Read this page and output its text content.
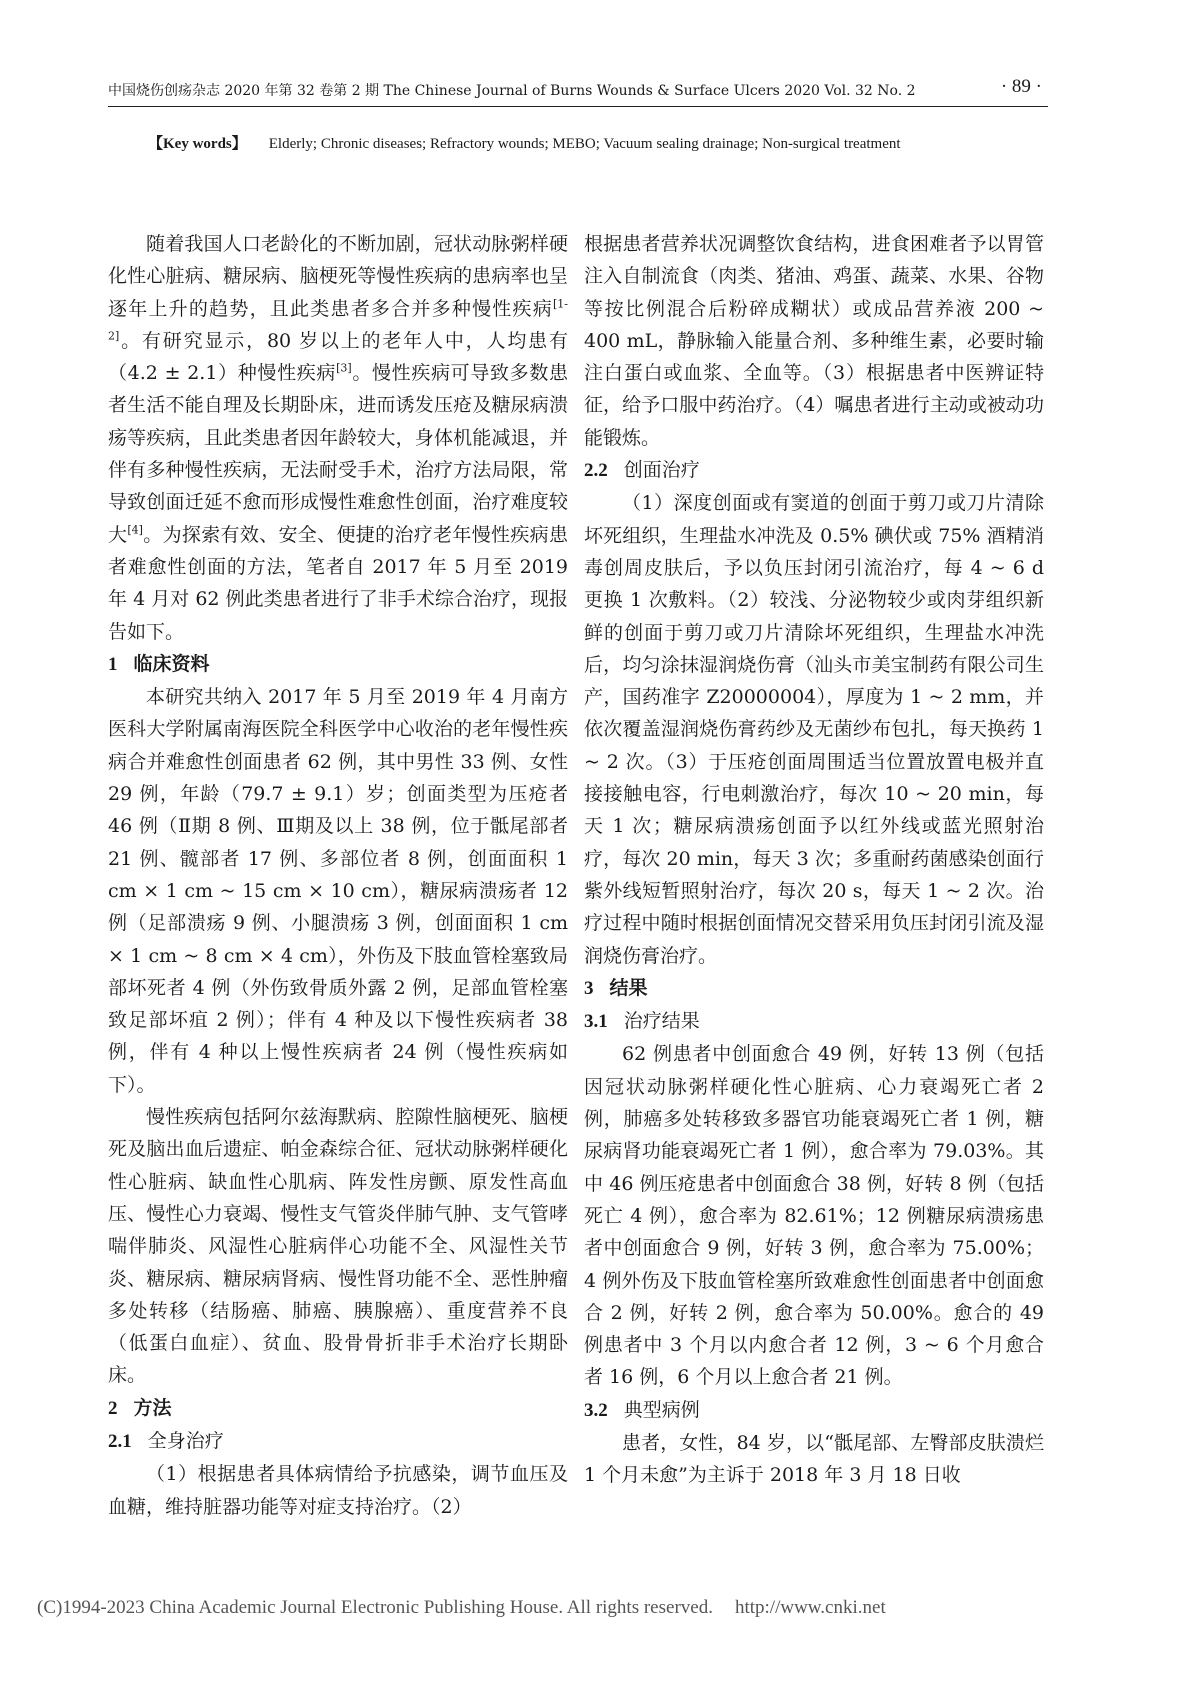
中国烧伤创疡杂志 2020 年第 32 卷第 2 期 The Chinese Journal of Burns Wounds & Surface Ulcers 2020 Vol. 32 No. 2	· 89 ·
【Key words】 Elderly; Chronic diseases; Refractory wounds; MEBO; Vacuum sealing drainage; Non-surgical treatment

随着我国人口老龄化的不断加剧，冠状动脉粥样硬化性心脏病、糖尿病、脑梗死等慢性疾病的患病率也呈逐年上升的趋势，且此类患者多合并多种慢性疾病[1-2]。有研究显示，80 岁以上的老年人中，人均患有（4.2 ± 2.1）种慢性疾病[3]。慢性疾病可导致多数患者生活不能自理及长期卧床，进而诱发压疮及糖尿病溃疡等疾病，且此类患者因年龄较大，身体机能减退，并伴有多种慢性疾病，无法耐受手术，治疗方法局限，常导致创面迁延不愈而形成慢性难愈性创面，治疗难度较大[4]。为探索有效、安全、便捷的治疗老年慢性疾病患者难愈性创面的方法，笔者自 2017 年 5 月至 2019 年 4 月对 62 例此类患者进行了非手术综合治疗，现报告如下。

1 临床资料

本研究共纳入 2017 年 5 月至 2019 年 4 月南方医科大学附属南海医院全科医学中心收治的老年慢性疾病合并难愈性创面患者 62 例，其中男性 33 例、女性 29 例，年龄（79.7 ± 9.1）岁；创面类型为压疮者 46 例（Ⅱ期 8 例、Ⅲ期及以上 38 例，位于骶尾部者 21 例、髋部者 17 例、多部位者 8 例，创面面积 1 cm × 1 cm ~ 15 cm × 10 cm），糖尿病溃疡者 12 例（足部溃疡 9 例、小腿溃疡 3 例，创面面积 1 cm × 1 cm ~ 8 cm × 4 cm），外伤及下肢血管栓塞致局部坏死者 4 例（外伤致骨质外露 2 例，足部血管栓塞致足部坏疽 2 例）；伴有 4 种及以下慢性疾病者 38 例，伴有 4 种以上慢性疾病者 24 例（慢性疾病如下）。

慢性疾病包括阿尔兹海默病、腔隙性脑梗死、脑梗死及脑出血后遗症、帕金森综合征、冠状动脉粥样硬化性心脏病、缺血性心肌病、阵发性房颤、原发性高血压、慢性心力衰竭、慢性支气管炎伴肺气肿、支气管哮喘伴肺炎、风湿性心脏病伴心功能不全、风湿性关节炎、糖尿病、糖尿病肾病、慢性肾功能不全、恶性肿瘤多处转移（结肠癌、肺癌、胰腺癌）、重度营养不良（低蛋白血症）、贫血、股骨骨折非手术治疗长期卧床。

2 方法
2.1 全身治疗

（1）根据患者具体病情给予抗感染，调节血压及血糖，维持脏器功能等对症支持治疗。（2）

根据患者营养状况调整饮食结构，进食困难者予以胃管注入自制流食（肉类、猪油、鸡蛋、蔬菜、水果、谷物等按比例混合后粉碎成糊状）或成品营养液 200 ~ 400 mL，静脉输入能量合剂、多种维生素，必要时输注白蛋白或血浆、全血等。（3）根据患者中医辨证特征，给予口服中药治疗。（4）嘱患者进行主动或被动功能锻炼。

2.2 创面治疗

（1）深度创面或有窦道的创面于剪刀或刀片清除坏死组织，生理盐水冲洗及 0.5% 碘伏或 75% 酒精消毒创周皮肤后，予以负压封闭引流治疗，每 4 ~ 6 d 更换 1 次敷料。（2）较浅、分泌物较少或肉芽组织新鲜的创面于剪刀或刀片清除坏死组织，生理盐水冲洗后，均匀涂抹湿润烧伤膏（汕头市美宝制药有限公司生产，国药准字 Z20000004），厚度为 1 ~ 2 mm，并依次覆盖湿润烧伤膏药纱及无菌纱布包扎，每天换药 1 ~ 2 次。（3）于压疮创面周围适当位置放置电极并直接接触电容，行电刺激治疗，每次 10 ~ 20 min，每天 1 次；糖尿病溃疡创面予以红外线或蓝光照射治疗，每次 20 min，每天 3 次；多重耐药菌感染创面行紫外线短暂照射治疗，每次 20 s，每天 1 ~ 2 次。治疗过程中随时根据创面情况交替采用负压封闭引流及湿润烧伤膏治疗。

3 结果
3.1 治疗结果

62 例患者中创面愈合 49 例，好转 13 例（包括因冠状动脉粥样硬化性心脏病、心力衰竭死亡者 2 例，肺癌多处转移致多器官功能衰竭死亡者 1 例，糖尿病肾功能衰竭死亡者 1 例），愈合率为 79.03%。其中 46 例压疮患者中创面愈合 38 例，好转 8 例（包括死亡 4 例），愈合率为 82.61%；12 例糖尿病溃疡患者中创面愈合 9 例，好转 3 例，愈合率为 75.00%；4 例外伤及下肢血管栓塞所致难愈性创面患者中创面愈合 2 例，好转 2 例，愈合率为 50.00%。愈合的 49 例患者中 3 个月以内愈合者 12 例，3 ~ 6 个月愈合者 16 例，6 个月以上愈合者 21 例。

3.2 典型病例

患者，女性，84 岁，以“骶尾部、左臀部皮肤溃烂 1 个月未愈”为主诉于 2018 年 3 月 18 日收

(C)1994-2023 China Academic Journal Electronic Publishing House. All rights reserved. http://www.cnki.net
